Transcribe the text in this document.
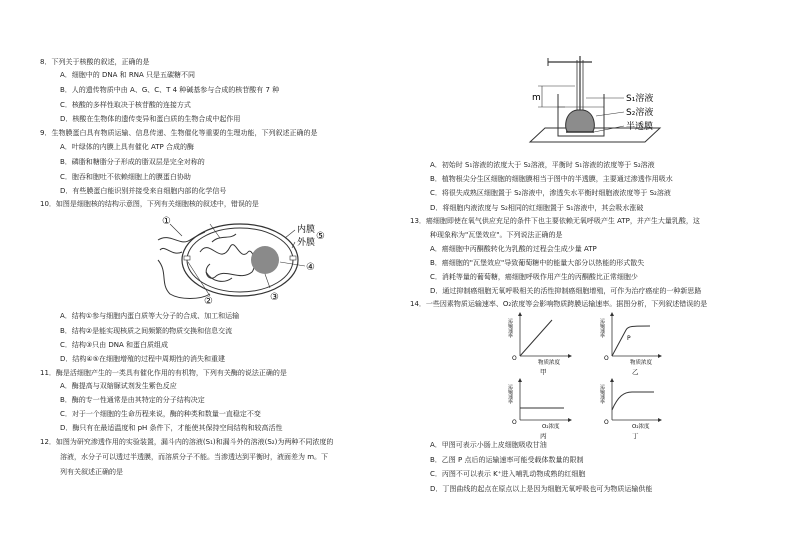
8．下列关于核酸的叙述，正确的是
A．细胞中的 DNA 和 RNA 只是五碳糖不同
B．人的遗传物质中由 A、G、C、T 4 种碱基参与合成的核苷酸有 7 种
C．核酸的多样性取决于核苷酸的连接方式
D．核酸在生物体的遗传变异和蛋白质的生物合成中起作用
9．生物膜蛋白具有物质运输、信息传递、生物催化等重要的生理功能，下列叙述正确的是
A．叶绿体的内膜上具有催化 ATP 合成的酶
B．磷脂和糖脂分子形成的脂双层是完全对称的
C．胞吞和胞吐不依赖细胞上的膜蛋白协助
D．有些膜蛋白能识别并接受来自细胞内部的化学信号
10．如图是细胞核的结构示意图，下列有关细胞核的叙述中，错误的是
①
内膜
外膜
⑤
④
③
②
A．结构①参与细胞内蛋白质等大分子的合成、加工和运输
B．结构②是能实现核质之间频繁的物质交换和信息交流
C．结构③只由 DNA 和蛋白质组成
D．结构④⑤在细胞增殖的过程中周期性的消失和重建
11．酶是活细胞产生的一类具有催化作用的有机物，下列有关酶的说法正确的是
A．酶提高与双缩脲试剂发生紫色反应
B．酶的专一性通常是由其特定的分子结构决定
C．对于一个细胞的生命历程来说，酶的种类和数量一直稳定不变
D．酶只有在最适温度和 pH 条件下，才能使其保持空间结构和较高活性
12．如图为研究渗透作用的实验装置，漏斗内的溶液(S₁)和漏斗外的溶液(S₂)为两种不同浓度的
溶液，水分子可以透过半透膜，而溶质分子不能。当渗透达到平衡时，液面差为 m。下
列有关叙述正确的是
m	S₁溶液
S₂溶液
半透膜
A．初始时 S₁溶液的浓度大于 S₂溶液，平衡时 S₁溶液的浓度等于 S₂溶液
B．植物根尖分生区细胞的细胞膜相当于图中的半透膜，主要通过渗透作用吸水
C．将很失成熟区细胞置于 S₂溶液中，渗透失水平衡时细胞液浓度等于 S₂溶液
D．将细胞内液浓度与 S₂相同的红细胞置于 S₁溶液中，其会吸水涨破
13．癌细胞即使在氧气供应充足的条件下也主要依赖无氧呼吸产生 ATP，并产生大量乳酸，这
种现象称为"瓦堡效应"。下列说法正确的是
A．癌细胞中丙酮酸转化为乳酸的过程会生成少量 ATP
B．癌细胞的"瓦堡效应"导致葡萄糖中的能量大部分以热能的形式散失
C．消耗等量的葡萄糖，癌细胞呼吸作用产生的丙酮酸比正常细胞少
D．通过抑制癌细胞无氧呼吸相关的活性抑制癌细胞增殖，可作为治疗癌症的一种新思路
14．一些因素物质运输速率、O₂浓度等会影响物质跨膜运输速率。据图分析，下列叙述错误的是
O
运输速率
物质浓度
甲
O
运输速率
P
物质浓度
乙
O
运输速率
O₂浓度
丙
O
运输速率
O₂浓度
丁
A．甲图可表示小肠上皮细胞吸收甘油
B．乙图 P 点后的运输速率可能受载体数量的限制
C．丙图不可以表示 K⁺进入哺乳动物成熟的红细胞
D．丁图曲线的起点在原点以上是因为细胞无氧呼吸也可为物质运输供能
